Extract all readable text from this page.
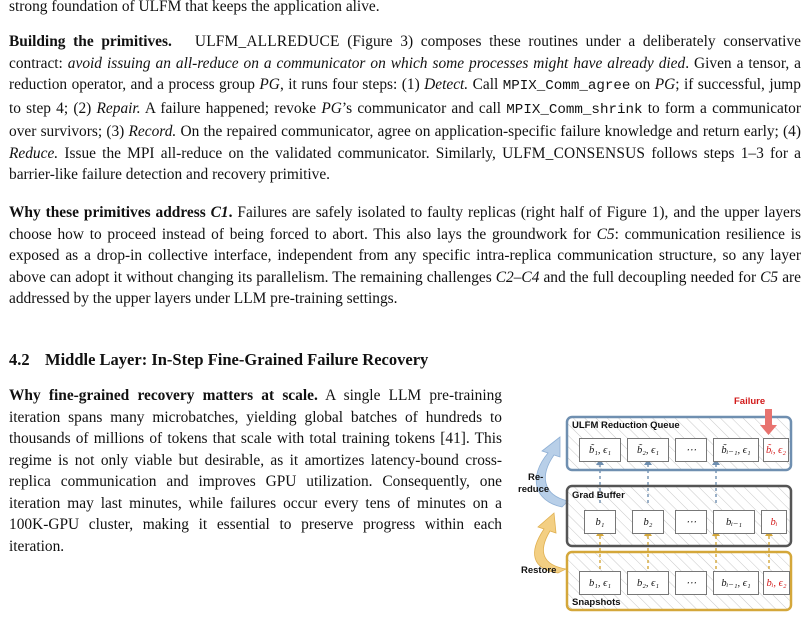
strong foundation of ULFM that keeps the application alive.

Building the primitives. ULFM_ALLREDUCE (Figure 3) composes these routines under a deliberately conservative contract: avoid issuing an all-reduce on a communicator on which some processes might have already died. Given a tensor, a reduction operator, and a process group PG, it runs four steps: (1) Detect. Call MPIX_Comm_agree on PG; if successful, jump to step 4; (2) Repair. A failure happened; revoke PG’s communicator and call MPIX_Comm_shrink to form a communicator over survivors; (3) Record. On the repaired communicator, agree on application-specific failure knowledge and return early; (4) Reduce. Issue the MPI all-reduce on the validated communicator. Similarly, ULFM_CONSENSUS follows steps 1–3 for a barrier-like failure detection and recovery primitive.

Why these primitives address C1. Failures are safely isolated to faulty replicas (right half of Figure 1), and the upper layers choose how to proceed instead of being forced to abort. This also lays the groundwork for C5: communication resilience is exposed as a drop-in collective interface, independent from any specific intra-replica communication structure, so any layer above can adopt it without changing its parallelism. The remaining challenges C2–C4 and the full decoupling needed for C5 are addressed by the upper layers under LLM pre-training settings.

4.2 Middle Layer: In-Step Fine-Grained Failure Recovery

Why fine-grained recovery matters at scale. A single LLM pre-training iteration spans many microbatches, yielding global batches of hundreds to thousands of millions of tokens that scale with total training tokens [41]. This regime is not only viable but desirable, as it amortizes latency-bound cross-replica communication and improves GPU utilization. Consequently, one iteration may last minutes, while failures occur every tens of minutes on a 100K-GPU cluster, making it essential to preserve progress within each iteration.

Failure
ULFM Reduction Queue
Grad Buffer
Snapshots
Re-
reduce
Restore
b̃₁, ϵ₁	b̃₂, ϵ₁	⋯	b̃ᵢ₋₁, ϵ₁	b̃ᵢ, ϵ₂
b₁	b₂	⋯	bᵢ₋₁	bᵢ
b₁, ϵ₁	b₂, ϵ₁	⋯	bᵢ₋₁, ϵ₁	bᵢ, ϵ₂
